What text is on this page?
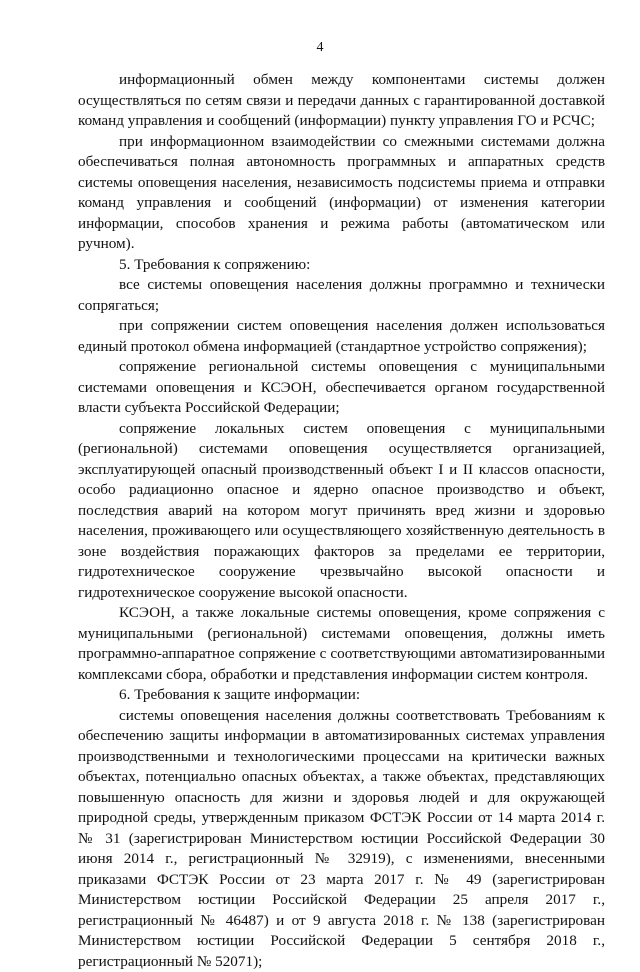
4

информационный обмен между компонентами системы должен осуществляться по сетям связи и передачи данных с гарантированной доставкой команд управления и сообщений (информации) пункту управления ГО и РСЧС;

при информационном взаимодействии со смежными системами должна обеспечиваться полная автономность программных и аппаратных средств системы оповещения населения, независимость подсистемы приема и отправки команд управления и сообщений (информации) от изменения категории информации, способов хранения и режима работы (автоматическом или ручном).

5. Требования к сопряжению:

все системы оповещения населения должны программно и технически сопрягаться;

при сопряжении систем оповещения населения должен использоваться единый протокол обмена информацией (стандартное устройство сопряжения);

сопряжение региональной системы оповещения с муниципальными системами оповещения и КСЭОН, обеспечивается органом государственной власти субъекта Российской Федерации;

сопряжение локальных систем оповещения с муниципальными (региональной) системами оповещения осуществляется организацией, эксплуатирующей опасный производственный объект I и II классов опасности, особо радиационно опасное и ядерно опасное производство и объект, последствия аварий на котором могут причинять вред жизни и здоровью населения, проживающего или осуществляющего хозяйственную деятельность в зоне воздействия поражающих факторов за пределами ее территории, гидротехническое сооружение чрезвычайно высокой опасности и гидротехническое сооружение высокой опасности.

КСЭОН, а также локальные системы оповещения, кроме сопряжения с муниципальными (региональной) системами оповещения, должны иметь программно-аппаратное сопряжение с соответствующими автоматизированными комплексами сбора, обработки и представления информации систем контроля.

6. Требования к защите информации:

системы оповещения населения должны соответствовать Требованиям к обеспечению защиты информации в автоматизированных системах управления производственными и технологическими процессами на критически важных объектах, потенциально опасных объектах, а также объектах, представляющих повышенную опасность для жизни и здоровья людей и для окружающей природной среды, утвержденным приказом ФСТЭК России от 14 марта 2014 г. № 31 (зарегистрирован Министерством юстиции Российской Федерации 30 июня 2014 г., регистрационный № 32919), с изменениями, внесенными приказами ФСТЭК России от 23 марта 2017 г. № 49 (зарегистрирован Министерством юстиции Российской Федерации 25 апреля 2017 г., регистрационный № 46487) и от 9 августа 2018 г. № 138 (зарегистрирован Министерством юстиции Российской Федерации 5 сентября 2018 г., регистрационный № 52071);
